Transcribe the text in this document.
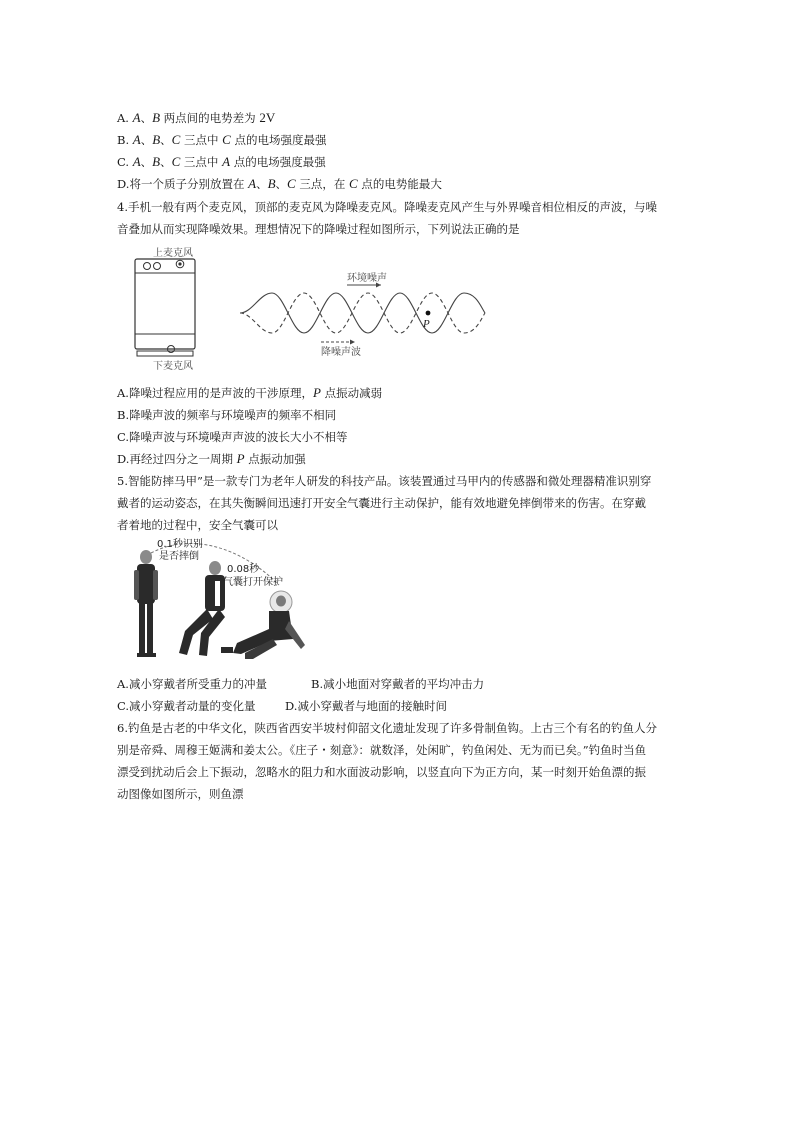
A. A、B 两点间的电势差为 2V
B. A、B、C 三点中 C 点的电场强度最强
C. A、B、C 三点中 A 点的电场强度最强
D.将一个质子分别放置在 A、B、C 三点，在 C 点的电势能最大
4.手机一般有两个麦克风，顶部的麦克风为降噪麦克风。降噪麦克风产生与外界噪音相位相反的声波，与噪
音叠加从而实现降噪效果。理想情况下的降噪过程如图所示，下列说法正确的是
上麦克风
下麦克风
P
环境噪声
降噪声波
A.降噪过程应用的是声波的干涉原理，P 点振动减弱
B.降噪声波的频率与环境噪声的频率不相同
C.降噪声波与环境噪声声波的波长大小不相等
D.再经过四分之一周期 P 点振动加强
5.智能防摔马甲”是一款专门为老年人研发的科技产品。该装置通过马甲内的传感器和微处理器精准识别穿
戴者的运动姿态，在其失衡瞬间迅速打开安全气囊进行主动保护，能有效地避免摔倒带来的伤害。在穿戴
者着地的过程中，安全气囊可以
0.1秒识别
是否摔倒
0.08秒
气囊打开保护
A.减小穿戴者所受重力的冲量	B.减小地面对穿戴者的平均冲击力
C.减小穿戴者动量的变化量	D.减小穿戴者与地面的接触时间
6.钓鱼是古老的中华文化，陕西省西安半坡村仰韶文化遗址发现了许多骨制鱼钩。上古三个有名的钓鱼人分
别是帝舜、周穆王姬满和姜太公。《庄子・刻意》：就数泽，处闲旷，钓鱼闲处、无为而已矣。”钓鱼时当鱼
漂受到扰动后会上下振动，忽略水的阻力和水面波动影响，以竖直向下为正方向，某一时刻开始鱼漂的振
动图像如图所示，则鱼漂
